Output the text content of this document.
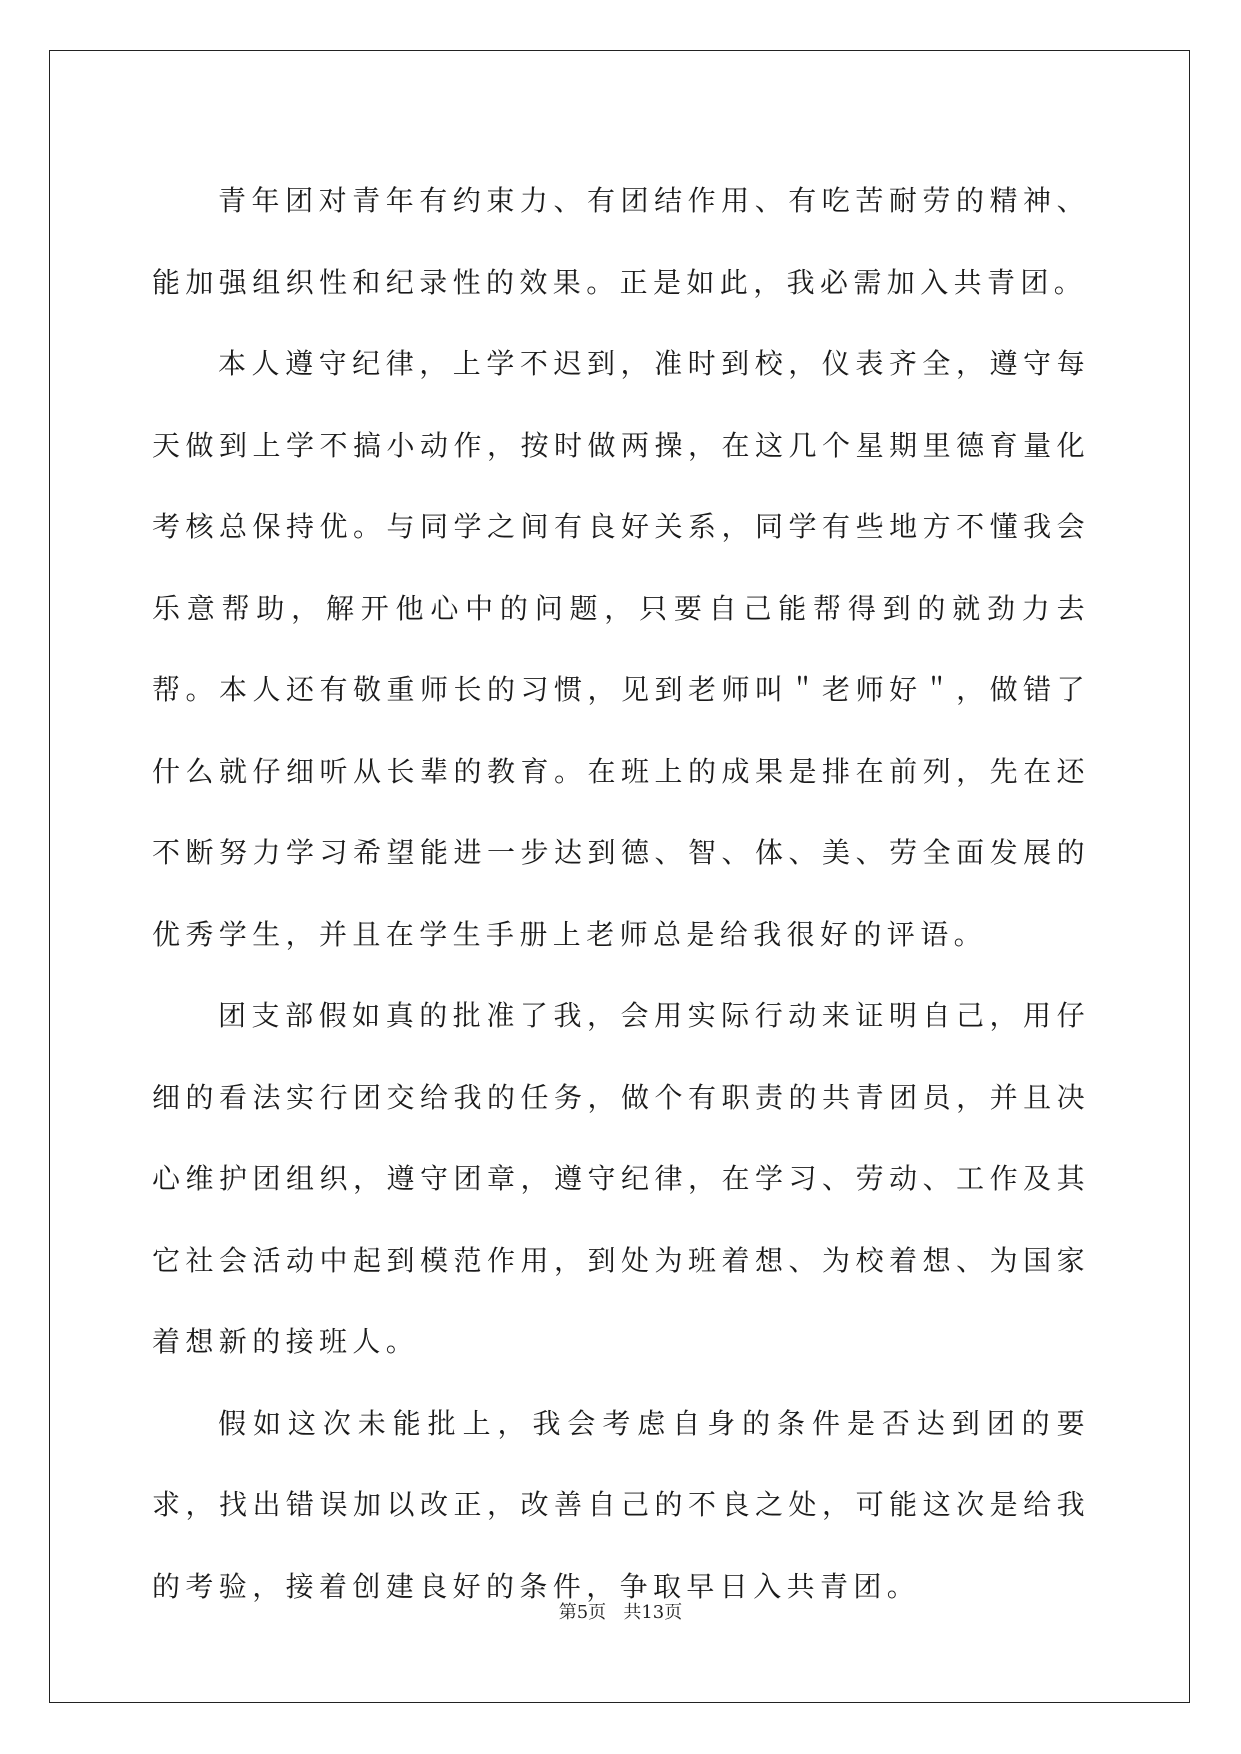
青年团对青年有约束力、有团结作用、有吃苦耐劳的精神、能加强组织性和纪录性的效果。正是如此，我必需加入共青团。

本人遵守纪律，上学不迟到，准时到校，仪表齐全，遵守每天做到上学不搞小动作，按时做两操，在这几个星期里德育量化考核总保持优。与同学之间有良好关系，同学有些地方不懂我会乐意帮助，解开他心中的问题，只要自己能帮得到的就劲力去帮。本人还有敬重师长的习惯，见到老师叫＂老师好＂，做错了什么就仔细听从长辈的教育。在班上的成果是排在前列，先在还不断努力学习希望能进一步达到德、智、体、美、劳全面发展的优秀学生，并且在学生手册上老师总是给我很好的评语。

团支部假如真的批准了我，会用实际行动来证明自己，用仔细的看法实行团交给我的任务，做个有职责的共青团员，并且决心维护团组织，遵守团章，遵守纪律，在学习、劳动、工作及其它社会活动中起到模范作用，到处为班着想、为校着想、为国家着想新的接班人。

假如这次未能批上，我会考虑自身的条件是否达到团的要求，找出错误加以改正，改善自己的不良之处，可能这次是给我的考验，接着创建良好的条件，争取早日入共青团。

第5页 共13页
